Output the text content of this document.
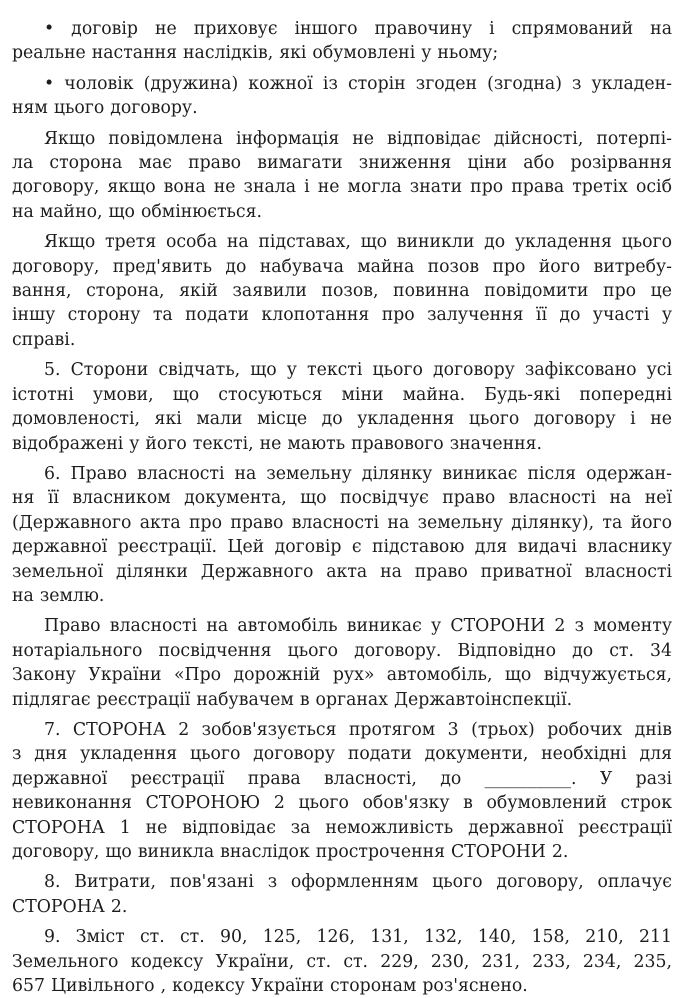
• договір не приховує іншого правочину і спрямований на
реальне настання наслідків, які обумовлені у ньому;

• чоловік (дружина) кожної із сторін згоден (згодна) з укладен-
ням цього договору.

Якщо повідомлена інформація не відповідає дійсності, потерпі-
ла сторона має право вимагати зниження ціни або розірвання
договору, якщо вона не знала і не могла знати про права третіх осіб
на майно, що обмінюється.

Якщо третя особа на підставах, що виникли до укладення цього
договору, пред'явить до набувача майна позов про його витребу-
вання, сторона, якій заявили позов, повинна повідомити про це
іншу сторону та подати клопотання про залучення її до участі у
справі.

5. Сторони свідчать, що у тексті цього договору зафіксовано усі
істотні умови, що стосуються міни майна. Будь-які попередні
домовленості, які мали місце до укладення цього договору і не
відображені у його тексті, не мають правового значення.

6. Право власності на земельну ділянку виникає після одержан-
ня її власником документа, що посвідчує право власності на неї
(Державного акта про право власності на земельну ділянку), та його
державної реєстрації. Цей договір є підставою для видачі власнику
земельної ділянки Державного акта на право приватної власності
на землю.

Право власності на автомобіль виникає у СТОРОНИ 2 з моменту
нотаріального посвідчення цього договору. Відповідно до ст. 34
Закону України «Про дорожній рух» автомобіль, що відчужується,
підлягає реєстрації набувачем в органах Державтоінспекції.

7. СТОРОНА 2 зобов'язується протягом 3 (трьох) робочих днів
з дня укладення цього договору подати документи, необхідні для
державної реєстрації права власності, до __________. У разі
невиконання СТОРОНОЮ 2 цього обов'язку в обумовлений строк
СТОРОНА 1 не відповідає за неможливість державної реєстрації
договору, що виникла внаслідок прострочення СТОРОНИ 2.

8. Витрати, пов'язані з оформленням цього договору, оплачує
СТОРОНА 2.

9. Зміст ст. ст. 90, 125, 126, 131, 132, 140, 158, 210, 211
Земельного кодексу України, ст. ст. 229, 230, 231, 233, 234, 235,
657 Цивільного , кодексу України сторонам роз'яснено.
